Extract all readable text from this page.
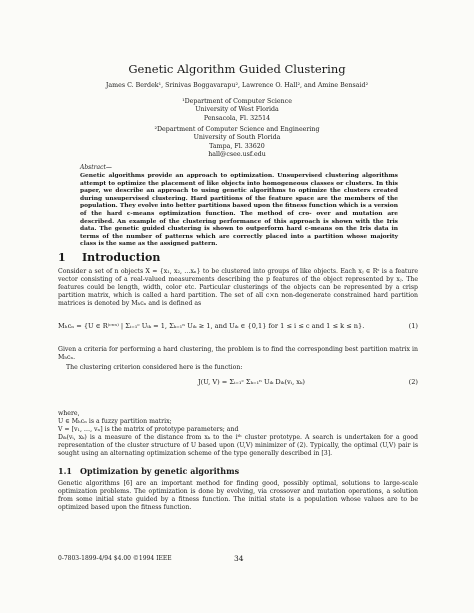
Genetic Algorithm Guided Clustering
James C. Berdek¹, Srinivas Boggavarapu², Lawrence O. Hall², and Amine Bensaid²
¹Department of Computer Science
University of West Florida
Pensacola, Fl. 32514
²Department of Computer Science and Engineering
University of South Florida
Tampa, Fl. 33620
hall@csee.usf.edu
Abstract—
Genetic algorithms provide an approach to optimization. Unsupervised clustering algorithms attempt to optimize the placement of like objects into homogeneous classes or clusters. In this paper, we describe an approach to using genetic algorithms to optimize the clusters created during unsupervised clustering. Hard partitions of the feature space are the members of the population. They evolve into better partitions based upon the fitness function which is a version of the hard c-means optimization function. The method of cro- over and mutation are described. An example of the clustering performance of this approach is shown with the Iris data. The genetic guided clustering is shown to outperform hard c-means on the Iris data in terms of the number of patterns which are correctly placed into a partition whose majority class is the same as the assigned pattern.
1 Introduction
Consider a set of n objects X = {x₁, x₂, …xₙ} to be clustered into groups of like objects. Each xⱼ ∈ Rˢ is a feature vector consisting of a real-valued measurements describing the p features of the object represented by xⱼ. The features could be length, width, color etc. Particular clusterings of the objects can be represented by a crisp partition matrix, which is called a hard partition. The set of all c×n non-degenerate constrained hard partition matrices is denoted by Mₕcₙ and is defined as
Mₕcₙ = {U ∈ R⁽ᶜˣⁿ⁾ | Σᵢ₌₁ᶜ Uᵢₖ = 1, Σₖ₌₁ⁿ Uᵢₖ ≥ 1, and Uᵢₖ ∈ {0,1} for 1 ≤ i ≤ c and 1 ≤ k ≤ n}.	(1)
Given a criteria for performing a hard clustering, the problem is to find the corresponding best partition matrix in Mₕcₙ.
The clustering criterion considered here is the function:
J(U, V) = Σᵢ₌₁ᶜ Σₖ₌₁ⁿ Uᵢₖ Dᵢₖ(vᵢ, xₖ)	(2)
where,
U ∈ Mₕcₙ is a fuzzy partition matrix;
V = [v₁, …, vₙ] is the matrix of prototype parameters; and
Dᵢₖ(vᵢ, xₖ) is a measure of the distance from xₖ to the iᵗʰ cluster prototype. A search is undertaken for a good representation of the cluster structure of U based upon (U,V) minimizer of (2). Typically, the optimal (U,V) pair is sought using an alternating optimization scheme of the type generally described in [3].
1.1 Optimization by genetic algorithms
Genetic algorithms [6] are an important method for finding good, possibly optimal, solutions to large-scale optimization problems. The optimization is done by evolving, via crossover and mutation operations, a solution from some initial state guided by a fitness function. The initial state is a population whose values are to be optimized based upon the fitness function.
0-7803-1899-4/94 $4.00 ©1994 IEEE	34
